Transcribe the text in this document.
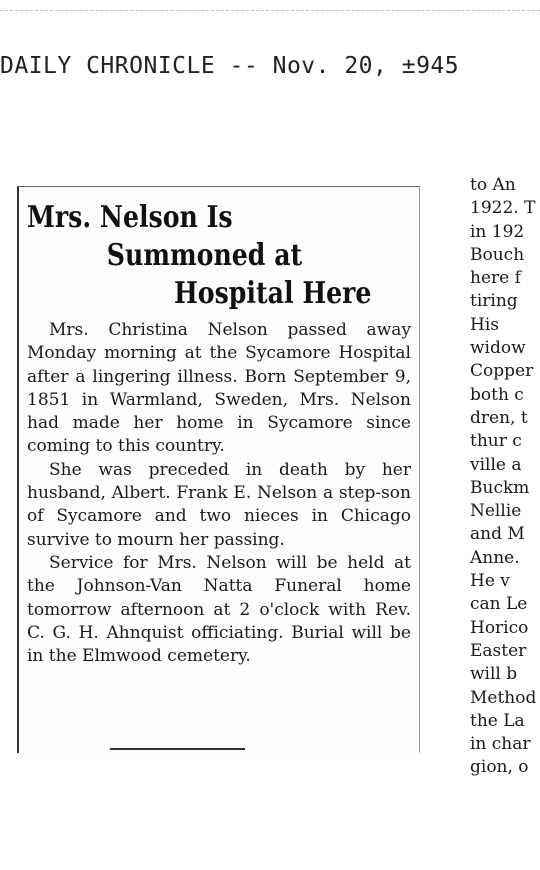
DAILY CHRONICLE -- Nov. 20, ±945
Mrs. Nelson Is
Summoned at
Hospital Here

Mrs. Christina Nelson passed away Monday morning at the Sycamore Hospital after a lingering illness. Born September 9, 1851 in Warmland, Sweden, Mrs. Nelson had made her home in Sycamore since coming to this country.

She was preceded in death by her husband, Albert. Frank E. Nelson a step-son of Sycamore and two nieces in Chicago survive to mourn her passing.

Service for Mrs. Nelson will be held at the Johnson-Van Natta Funeral home tomorrow afternoon at 2 o'clock with Rev. C. G. H. Ahnquist officiating. Burial will be in the Elmwood cemetery.

to An
1922. T
in 192
Bouch
here f
tiring
His
widow
Copper
both c
dren, t
thur c
ville a
Buckm
Nellie
and M
Anne.
He v
can Le
Horico
Easter
will b
Method
the La
in char
gion, o
